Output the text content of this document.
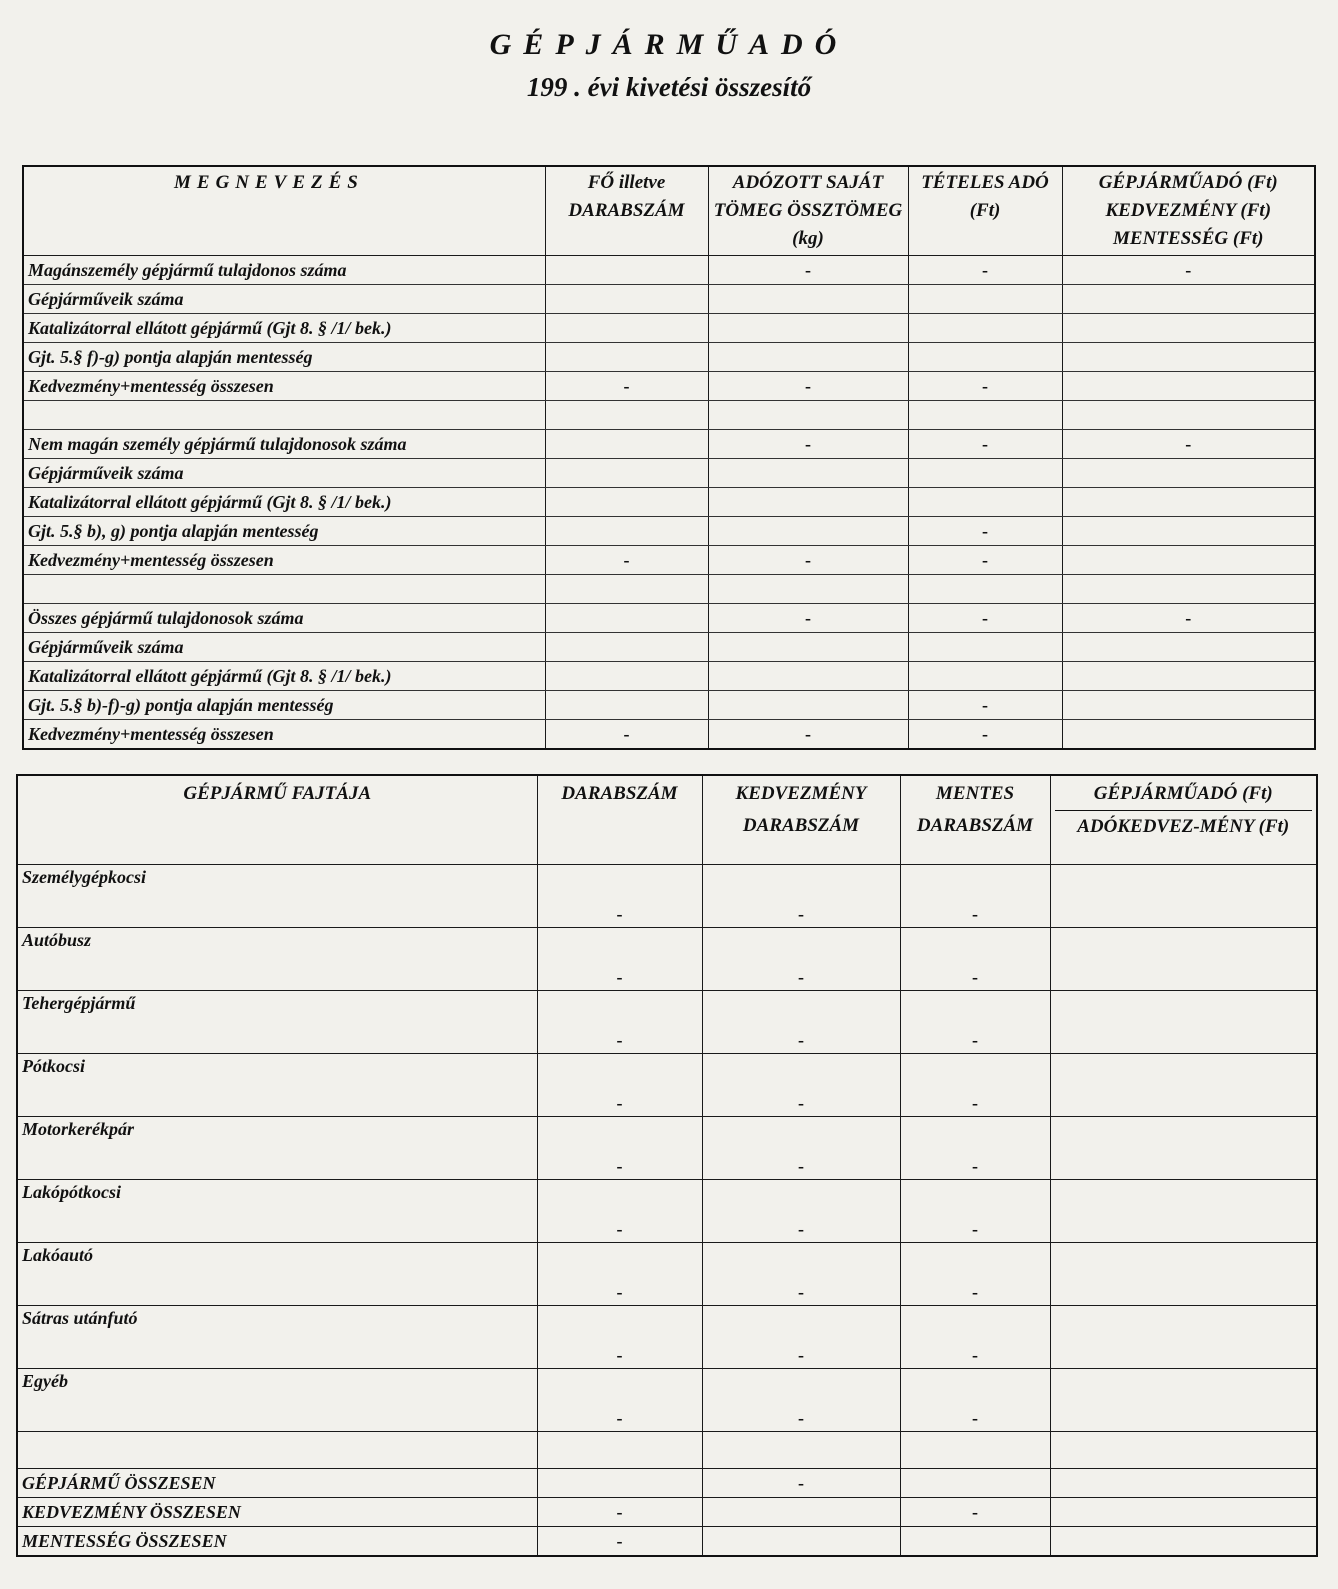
GÉPJÁRMŰADÓ
199 . évi kivetési összesítő
MEGNEVEZÉS	FŐ illetve DARABSZÁM	ADÓZOTT SAJÁT TÖMEG ÖSSZTÖMEG (kg)	TÉTELES ADÓ (Ft)	GÉPJÁRMŰADÓ (Ft) KEDVEZMÉNY (Ft) MENTESSÉG (Ft)
Magánszemély gépjármű tulajdonos száma		-	-	-
Gépjárműveik száma				
Katalizátorral ellátott gépjármű (Gjt 8. § /1/ bek.)				
Gjt. 5.§ f)-g) pontja alapján mentesség				
Kedvezmény+mentesség összesen	-	-	-	

Nem magán személy gépjármű tulajdonosok száma		-	-	-
Gépjárműveik száma				
Katalizátorral ellátott gépjármű (Gjt 8. § /1/ bek.)				
Gjt. 5.§ b), g) pontja alapján mentesség			-	
Kedvezmény+mentesség összesen	-	-	-	

Összes gépjármű tulajdonosok száma		-	-	-
Gépjárműveik száma				
Katalizátorral ellátott gépjármű (Gjt 8. § /1/ bek.)				
Gjt. 5.§ b)-f)-g) pontja alapján mentesség			-	
Kedvezmény+mentesség összesen	-	-	-	
GÉPJÁRMŰ FAJTÁJA	DARABSZÁM	KEDVEZMÉNY DARABSZÁM	MENTES DARABSZÁM	GÉPJÁRMŰADÓ (Ft)
ADÓKEDVEZ-MÉNY (Ft)

Személygépkocsi	-	-	-	
Autóbusz	-	-	-	
Tehergépjármű	-	-	-	
Pótkocsi	-	-	-	
Motorkerékpár	-	-	-	
Lakópótkocsi	-	-	-	
Lakóautó	-	-	-	
Sátras utánfutó	-	-	-	
Egyéb	-	-	-	

GÉPJÁRMŰ ÖSSZESEN		-		
KEDVEZMÉNY ÖSSZESEN	-		-	
MENTESSÉG ÖSSZESEN	-			
